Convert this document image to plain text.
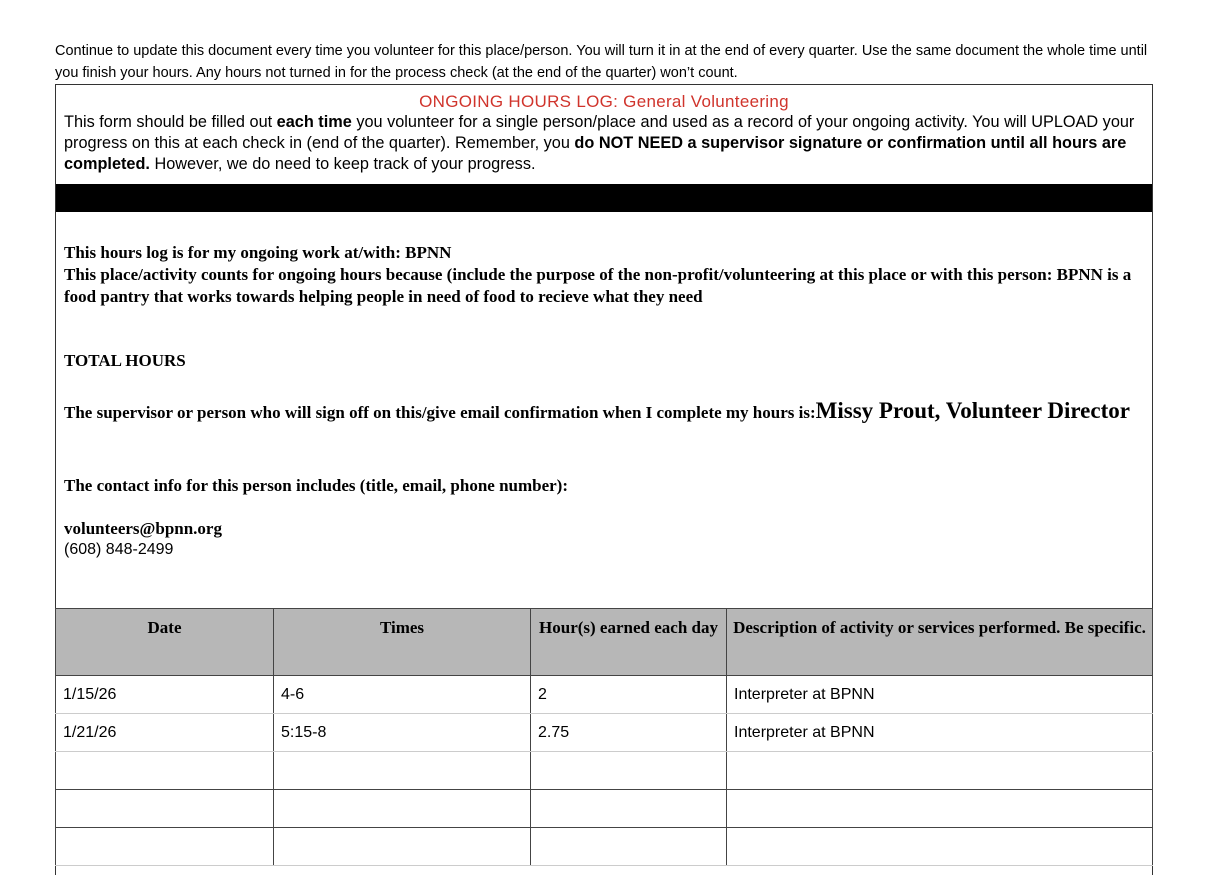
Continue to update this document every time you volunteer for this place/person. You will turn it in at the end of every quarter. Use the same document the whole time until you finish your hours. Any hours not turned in for the process check (at the end of the quarter) won’t count.
ONGOING HOURS LOG: General Volunteering
This form should be filled out each time you volunteer for a single person/place and used as a record of your ongoing activity. You will UPLOAD your progress on this at each check in (end of the quarter). Remember, you do NOT NEED a supervisor signature or confirmation until all hours are completed. However, we do need to keep track of your progress.
This hours log is for my ongoing work at/with: BPNN
This place/activity counts for ongoing hours because (include the purpose of the non-profit/volunteering at this place or with this person: BPNN is a food pantry that works towards helping people in need of food to recieve what they need
TOTAL HOURS
The supervisor or person who will sign off on this/give email confirmation when I complete my hours is:Missy Prout, Volunteer Director
The contact info for this person includes (title, email, phone number):
volunteers@bpnn.org
(608) 848-2499
Date	Times	Hour(s) earned each day	Description of activity or services performed. Be specific.
1/15/26	4-6	2	Interpreter at BPNN
1/21/26	5:15-8	2.75	Interpreter at BPNN
